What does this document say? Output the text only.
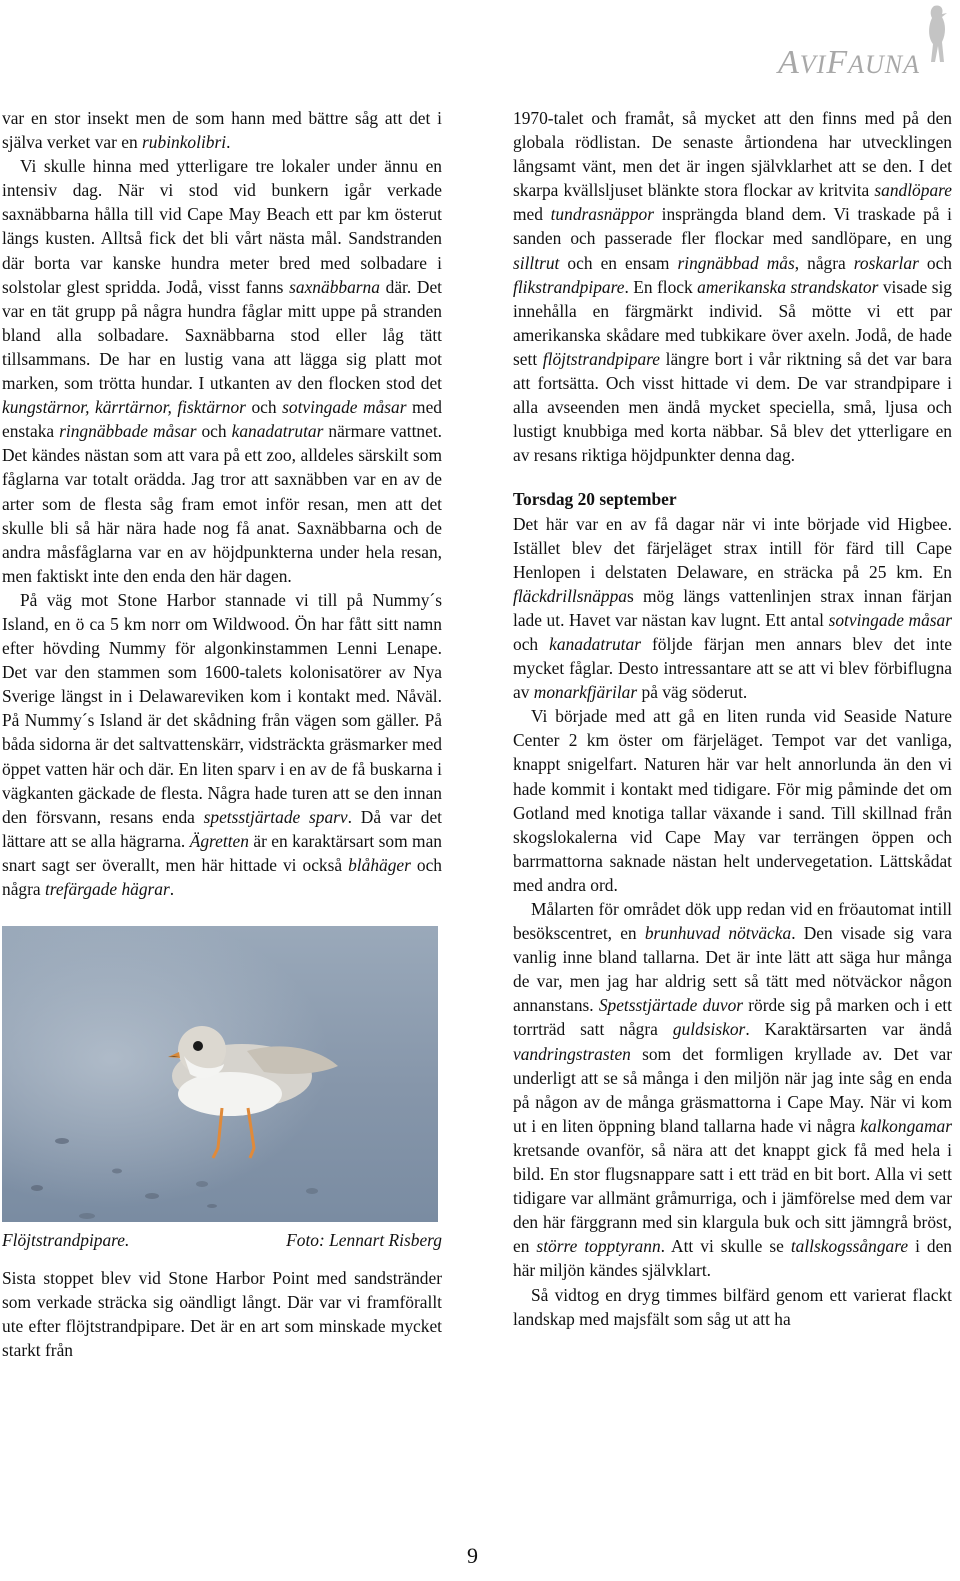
AVIFAUNA

var en stor insekt men de som hann med bättre såg att det i själva verket var en rubinkolibri.

Vi skulle hinna med ytterligare tre lokaler under ännu en intensiv dag. När vi stod vid bunkern igår verkade saxnäbbarna hålla till vid Cape May Beach ett par km österut längs kusten. Alltså fick det bli vårt nästa mål. Sandstranden där borta var kanske hundra meter bred med solbadare i solstolar glest spridda. Jodå, visst fanns saxnäbbarna där. Det var en tät grupp på några hundra fåglar mitt uppe på stranden bland alla solbadare. Saxnäbbarna stod eller låg tätt tillsammans. De har en lustig vana att lägga sig platt mot marken, som trötta hundar. I utkanten av den flocken stod det kungstärnor, kärrtärnor, fisktärnor och sotvingade måsar med enstaka ringnäbbade måsar och kanadatrutar närmare vattnet. Det kändes nästan som att vara på ett zoo, alldeles särskilt som fåglarna var totalt orädda. Jag tror att saxnäbben var en av de arter som de flesta såg fram emot inför resan, men att det skulle bli så här nära hade nog få anat. Saxnäbbarna och de andra måsfåglarna var en av höjdpunkterna under hela resan, men faktiskt inte den enda den här dagen.

På väg mot Stone Harbor stannade vi till på Nummy´s Island, en ö ca 5 km norr om Wildwood. Ön har fått sitt namn efter hövding Nummy för algonkinstammen Lenni Lenape. Det var den stammen som 1600-talets kolonisatörer av Nya Sverige längst in i Delawareviken kom i kontakt med. Nåväl. På Nummy´s Island är det skådning från vägen som gäller. På båda sidorna är det saltvattenskärr, vidsträckta gräsmarker med öppet vatten här och där. En liten sparv i en av de få buskarna i vägkanten gäckade de flesta. Några hade turen att se den innan den försvann, resans enda spetsstjärtade sparv. Då var det lättare att se alla hägrarna. Ägretten är en karaktärsart som man snart sagt ser överallt, men här hittade vi också blåhäger och några trefärgade hägrar.

Flöjtstrandpipare.	Foto: Lennart Risberg

Sista stoppet blev vid Stone Harbor Point med sandstränder som verkade sträcka sig oändligt långt. Där var vi framförallt ute efter flöjtstrandpipare. Det är en art som minskade mycket starkt från

1970-talet och framåt, så mycket att den finns med på den globala rödlistan. De senaste årtiondena har utvecklingen långsamt vänt, men det är ingen självklarhet att se den. I det skarpa kvällsljuset blänkte stora flockar av kritvita sandlöpare med tundrasnäppor insprängda bland dem. Vi traskade på i sanden och passerade fler flockar med sandlöpare, en ung silltrut och en ensam ringnäbbad mås, några roskarlar och flikstrandpipare. En flock amerikanska strandskator visade sig innehålla en färgmärkt individ. Så mötte vi ett par amerikanska skådare med tubkikare över axeln. Jodå, de hade sett flöjtstrandpipare längre bort i vår riktning så det var bara att fortsätta. Och visst hittade vi dem. De var strandpipare i alla avseenden men ändå mycket speciella, små, ljusa och lustigt knubbiga med korta näbbar. Så blev det ytterligare en av resans riktiga höjdpunkter denna dag.

Torsdag 20 september

Det här var en av få dagar när vi inte började vid Higbee. Istället blev det färjeläget strax intill för färd till Cape Henlopen i delstaten Delaware, en sträcka på 25 km. En fläckdrillsnäppas mög längs vattenlinjen strax innan färjan lade ut. Havet var nästan kav lugnt. Ett antal sotvingade måsar och kanadatrutar följde färjan men annars blev det inte mycket fåglar. Desto intressantare att se att vi blev förbiflugna av monarkfjärilar på väg söderut.

Vi började med att gå en liten runda vid Seaside Nature Center 2 km öster om färjeläget. Tempot var det vanliga, knappt snigelfart. Naturen här var helt annorlunda än den vi hade kommit i kontakt med tidigare. För mig påminde det om Gotland med knotiga tallar växande i sand. Till skillnad från skogslokalerna vid Cape May var terrängen öppen och barrmattorna saknade nästan helt undervegetation. Lättskådat med andra ord.

Målarten för området dök upp redan vid en fröautomat intill besökscentret, en brunhuvad nötväcka. Den visade sig vara vanlig inne bland tallarna. Det är inte lätt att säga hur många de var, men jag har aldrig sett så tätt med nötväckor någon annanstans. Spetsstjärtade duvor rörde sig på marken och i ett torrträd satt några guldsiskor. Karaktärsarten var ändå vandringstrasten som det formligen kryllade av. Det var underligt att se så många i den miljön när jag inte såg en enda på någon av de många gräsmattorna i Cape May. När vi kom ut i en liten öppning bland tallarna hade vi några kalkongamar kretsande ovanför, så nära att det knappt gick få med hela i bild. En stor flugsnappare satt i ett träd en bit bort. Alla vi sett tidigare var allmänt gråmurriga, och i jämförelse med dem var den här färggrann med sin klargula buk och sitt jämngrå bröst, en större topptyrann. Att vi skulle se tallskogssångare i den här miljön kändes självklart.

Så vidtog en dryg timmes bilfärd genom ett varierat flackt landskap med majsfält som såg ut att ha

9
